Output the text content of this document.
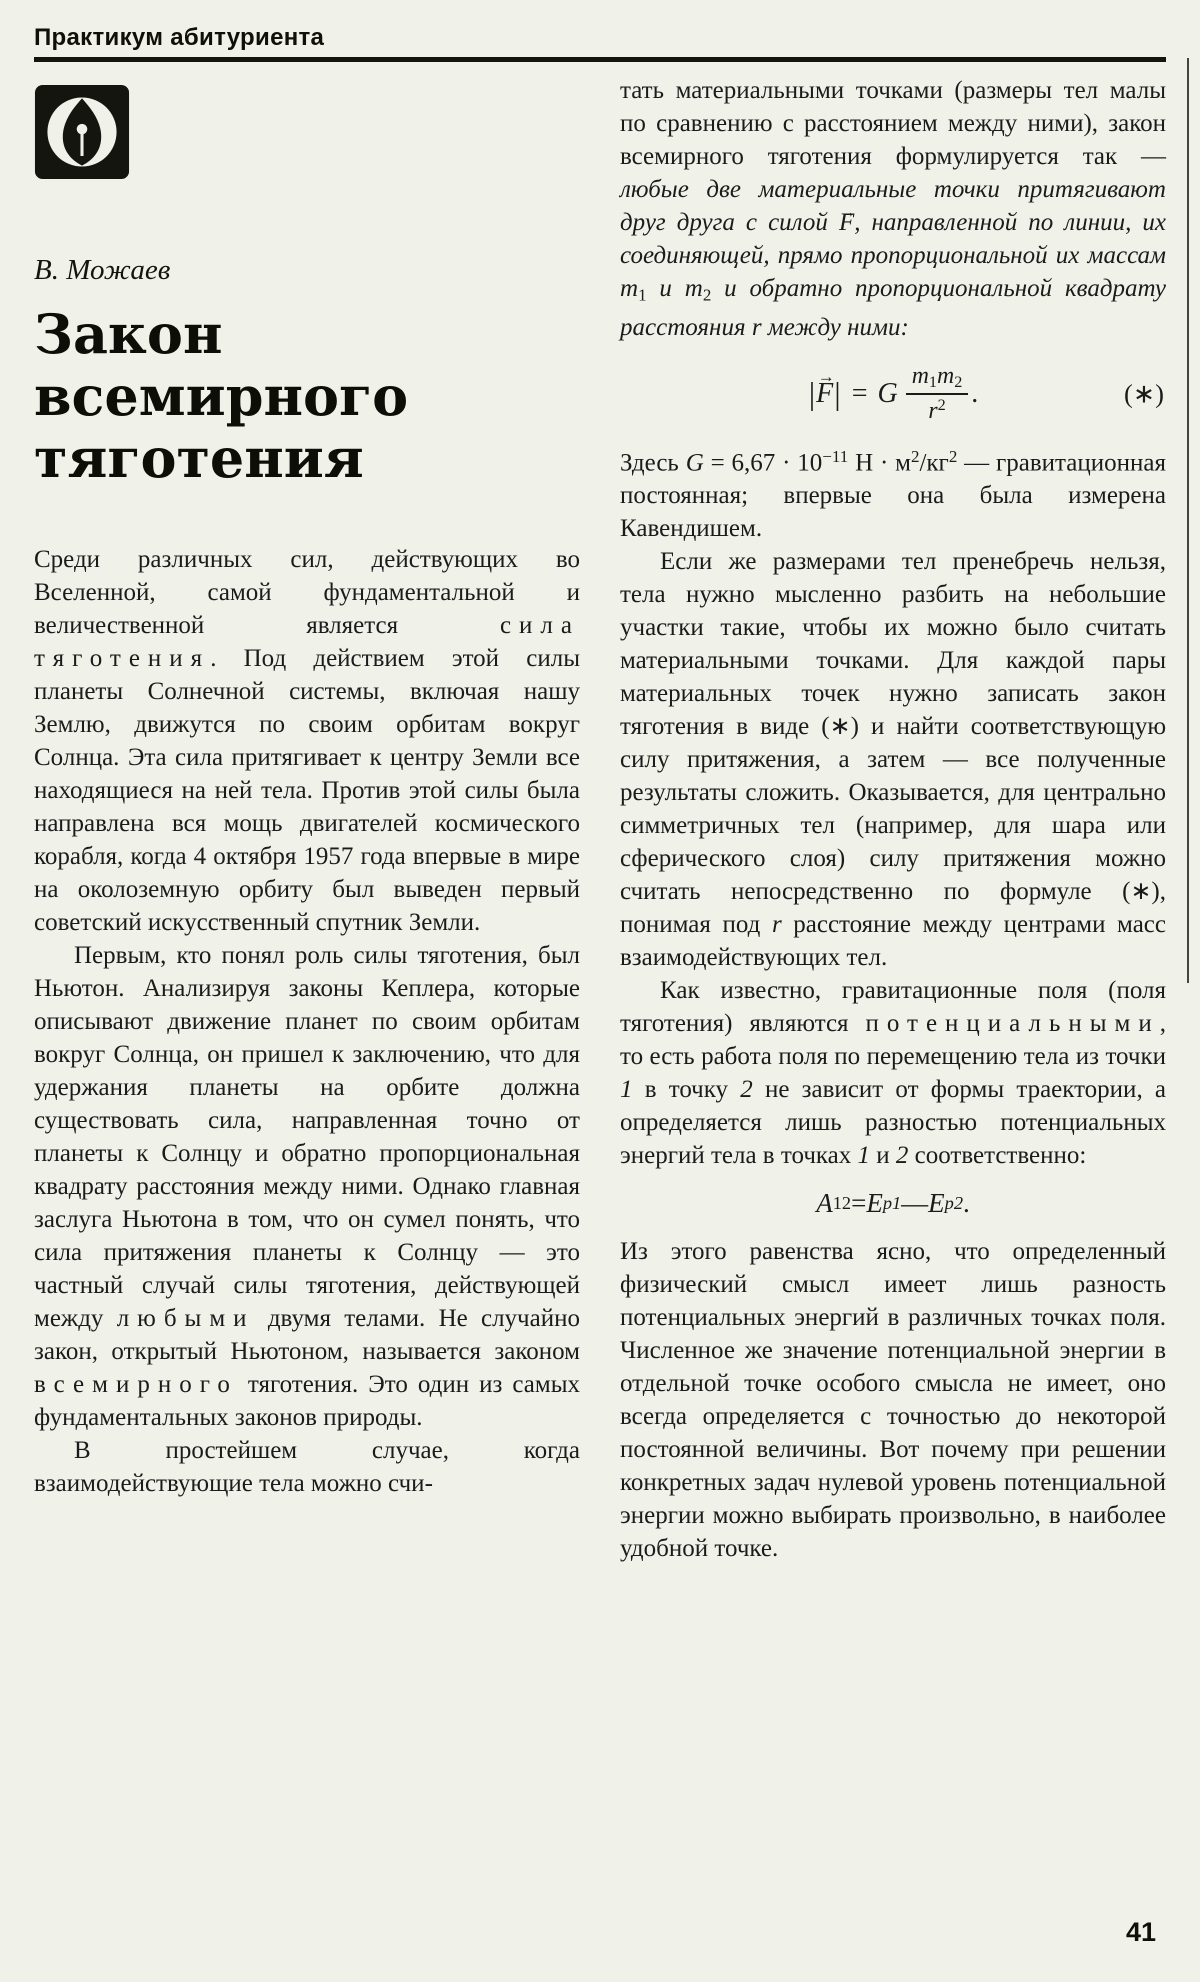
Практикум абитуриента
В. Можаев
Закон
всемирного
тяготения

Среди различных сил, действующих во Вселенной, самой фундаментальной и величественной является сила тяготения. Под действием этой силы планеты Солнечной системы, включая нашу Землю, движутся по своим орбитам вокруг Солнца. Эта сила притягивает к центру Земли все находящиеся на ней тела. Против этой силы была направлена вся мощь двигателей космического корабля, когда 4 октября 1957 года впервые в мире на околоземную орбиту был выведен первый советский искусственный спутник Земли.

Первым, кто понял роль силы тяготения, был Ньютон. Анализируя законы Кеплера, которые описывают движение планет по своим орбитам вокруг Солнца, он пришел к заключению, что для удержания планеты на орбите должна существовать сила, направленная точно от планеты к Солнцу и обратно пропорциональная квадрату расстояния между ними. Однако главная заслуга Ньютона в том, что он сумел понять, что сила притяжения планеты к Солнцу — это частный случай силы тяготения, действующей между любыми двумя телами. Не случайно закон, открытый Ньютоном, называется законом всемирного тяготения. Это один из самых фундаментальных законов природы.

В простейшем случае, когда взаимодействующие тела можно счи-

тать материальными точками (размеры тел малы по сравнению с расстоянием между ними), закон всемирного тяготения формулируется так — любые две материальные точки притягивают друг друга с силой F →, направленной по линии, их соединяющей, прямо пропорциональной их массам m1 и m2 и обратно пропорциональной квадрату расстояния r между ними:

| F → | = G $\frac{m1m2}{r^2}$ .	(∗)

Здесь $G = 6,67 \cdot 10^{-11}$ $Н \cdot м^2/кг^2$ — гравитационная постоянная; впервые она была измерена Кавендишем.

Если же размерами тел пренебречь нельзя, тела нужно мысленно разбить на небольшие участки такие, чтобы их можно было считать материальными точками. Для каждой пары материальных точек нужно записать закон тяготения в виде (∗) и найти соответствующую силу притяжения, а затем — все полученные результаты сложить. Оказывается, для центрально симметричных тел (например, для шара или сферического слоя) силу притяжения можно считать непосредственно по формуле (∗), понимая под r расстояние между центрами масс взаимодействующих тел.

Как известно, гравитационные поля (поля тяготения) являются потенциальными, то есть работа поля по перемещению тела из точки 1 в точку 2 не зависит от формы траектории, а определяется лишь разностью потенциальных энергий тела в точках 1 и 2 соответственно:

A 12 = E p1 — E p2 .

Из этого равенства ясно, что определенный физический смысл имеет лишь разность потенциальных энергий в различных точках поля. Численное же значение потенциальной энергии в отдельной точке особого смысла не имеет, оно всегда определяется с точностью до некоторой постоянной величины. Вот почему при решении конкретных задач нулевой уровень потенциальной энергии можно выбирать произвольно, в наиболее удобной точке.

41
